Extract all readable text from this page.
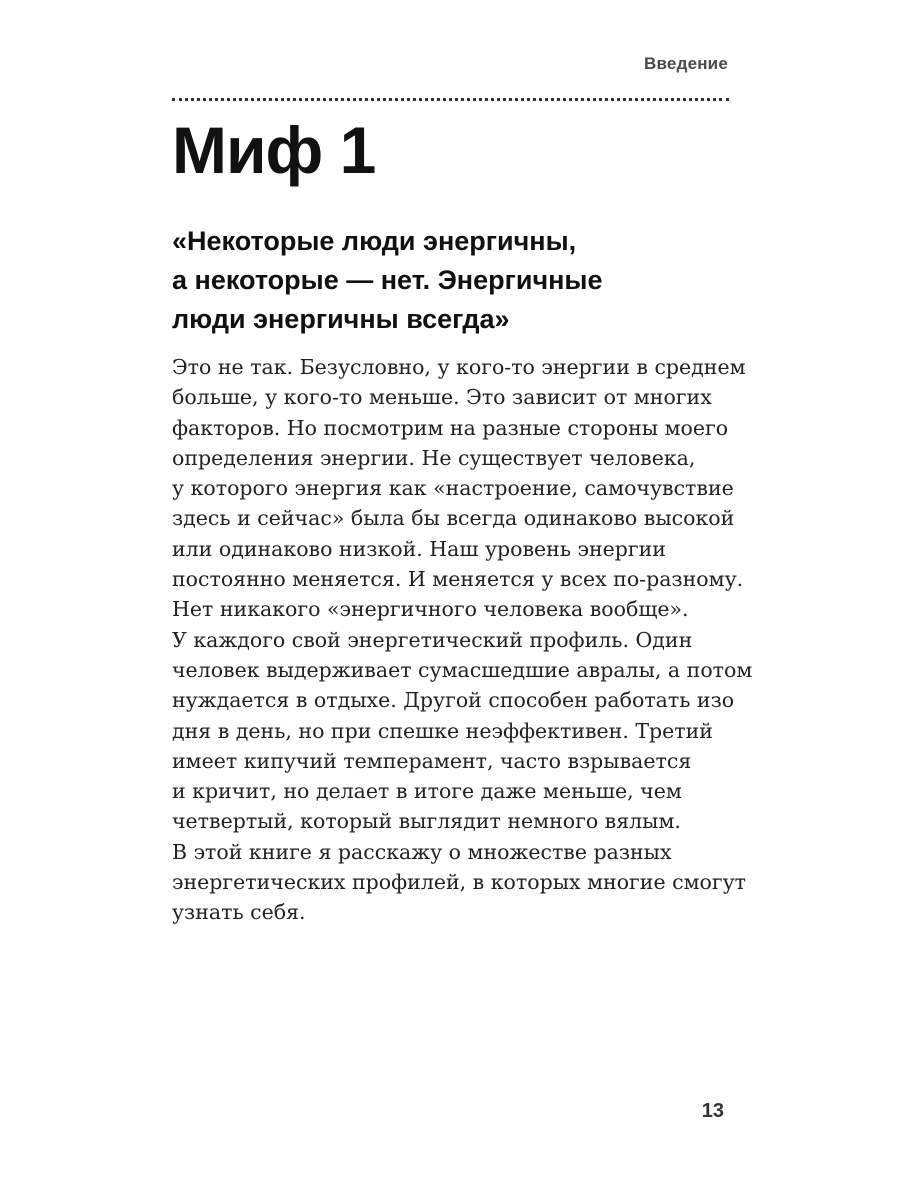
Введение
Миф 1
«Некоторые люди энергичны,
а некоторые — нет. Энергичные
люди энергичны всегда»
Это не так. Безусловно, у кого-то энергии в среднем
больше, у кого-то меньше. Это зависит от многих
факторов. Но посмотрим на разные стороны моего
определения энергии. Не существует человека,
у которого энергия как «настроение, самочувствие
здесь и сейчас» была бы всегда одинаково высокой
или одинаково низкой. Наш уровень энергии
постоянно меняется. И меняется у всех по-разному.
Нет никакого «энергичного человека вообще».
У каждого свой энергетический профиль. Один
человек выдерживает сумасшедшие авралы, а потом
нуждается в отдыхе. Другой способен работать изо
дня в день, но при спешке неэффективен. Третий
имеет кипучий темперамент, часто взрывается
и кричит, но делает в итоге даже меньше, чем
четвертый, который выглядит немного вялым.
В этой книге я расскажу о множестве разных
энергетических профилей, в которых многие смогут
узнать себя.
13
